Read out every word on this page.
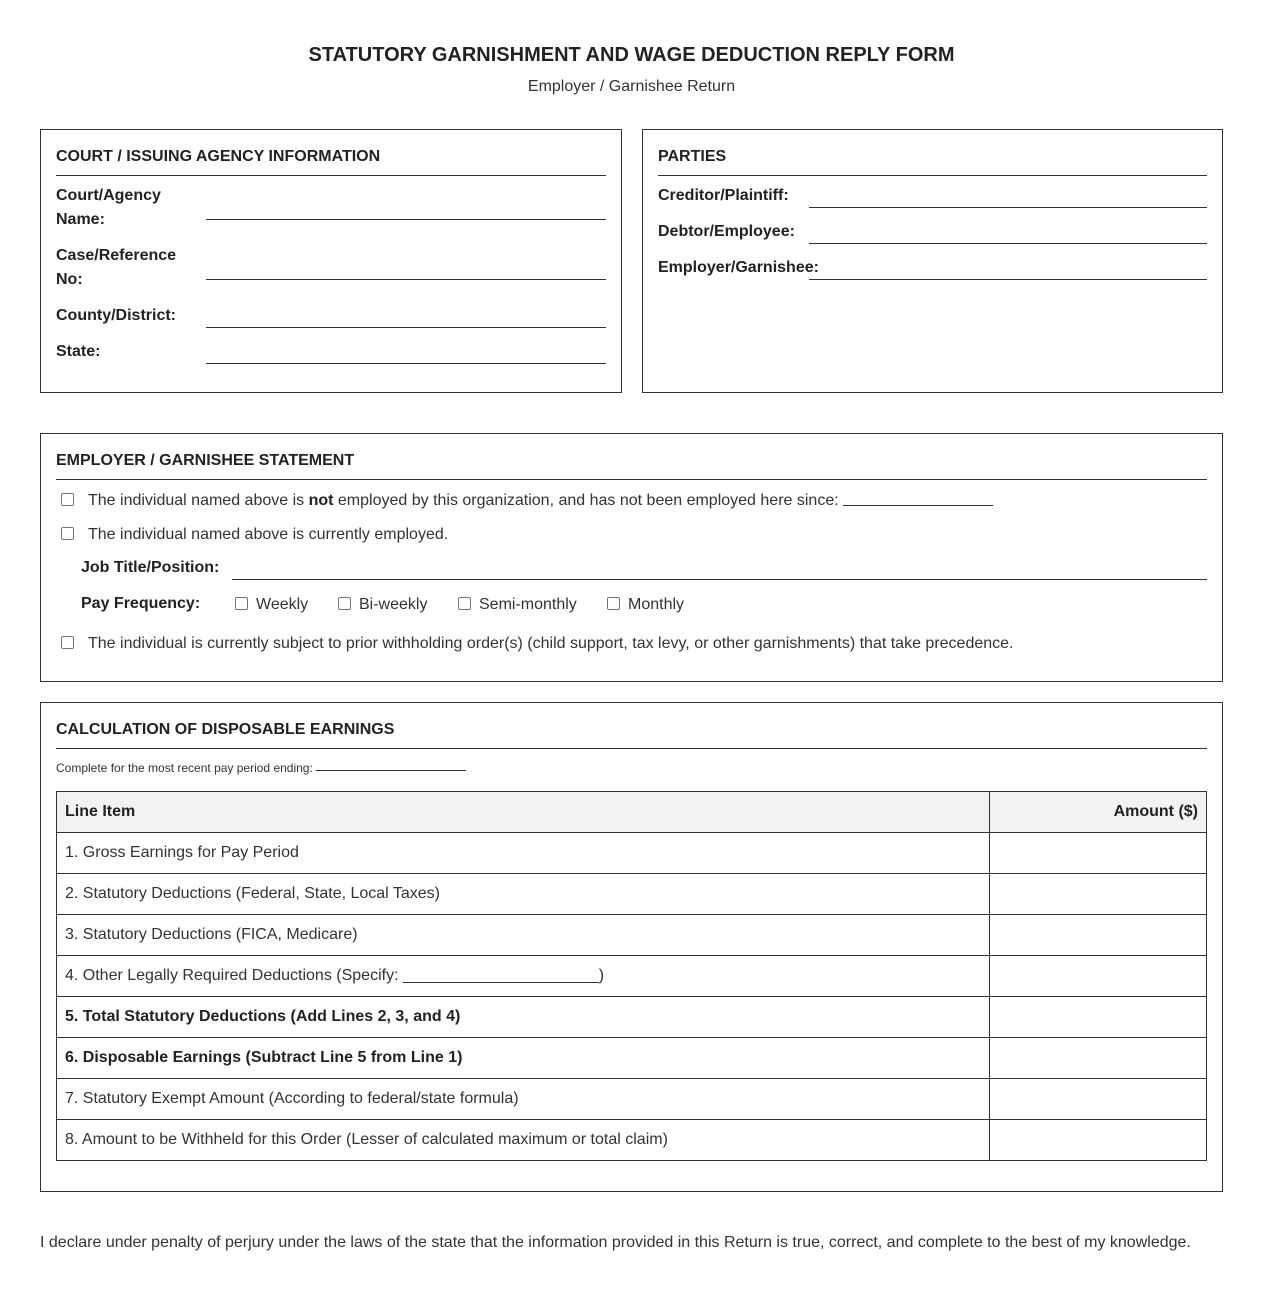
STATUTORY GARNISHMENT AND WAGE DEDUCTION REPLY FORM
Employer / Garnishee Return
COURT / ISSUING AGENCY INFORMATION
Court/Agency Name:
Case/Reference No:
County/District:
State:
PARTIES
Creditor/Plaintiff:
Debtor/Employee:
Employer/Garnishee:
EMPLOYER / GARNISHEE STATEMENT
The individual named above is not employed by this organization, and has not been employed here since:
The individual named above is currently employed.
Job Title/Position:
Pay Frequency:	Weekly	Bi-weekly	Semi-monthly	Monthly
The individual is currently subject to prior withholding order(s) (child support, tax levy, or other garnishments) that take precedence.
CALCULATION OF DISPOSABLE EARNINGS
Complete for the most recent pay period ending:
Line Item	Amount ($)
1. Gross Earnings for Pay Period	
2. Statutory Deductions (Federal, State, Local Taxes)	
3. Statutory Deductions (FICA, Medicare)	
4. Other Legally Required Deductions (Specify: ______________________)	
5. Total Statutory Deductions (Add Lines 2, 3, and 4)	
6. Disposable Earnings (Subtract Line 5 from Line 1)	
7. Statutory Exempt Amount (According to federal/state formula)	
8. Amount to be Withheld for this Order (Lesser of calculated maximum or total claim)	
I declare under penalty of perjury under the laws of the state that the information provided in this Return is true, correct, and complete to the best of my knowledge.
